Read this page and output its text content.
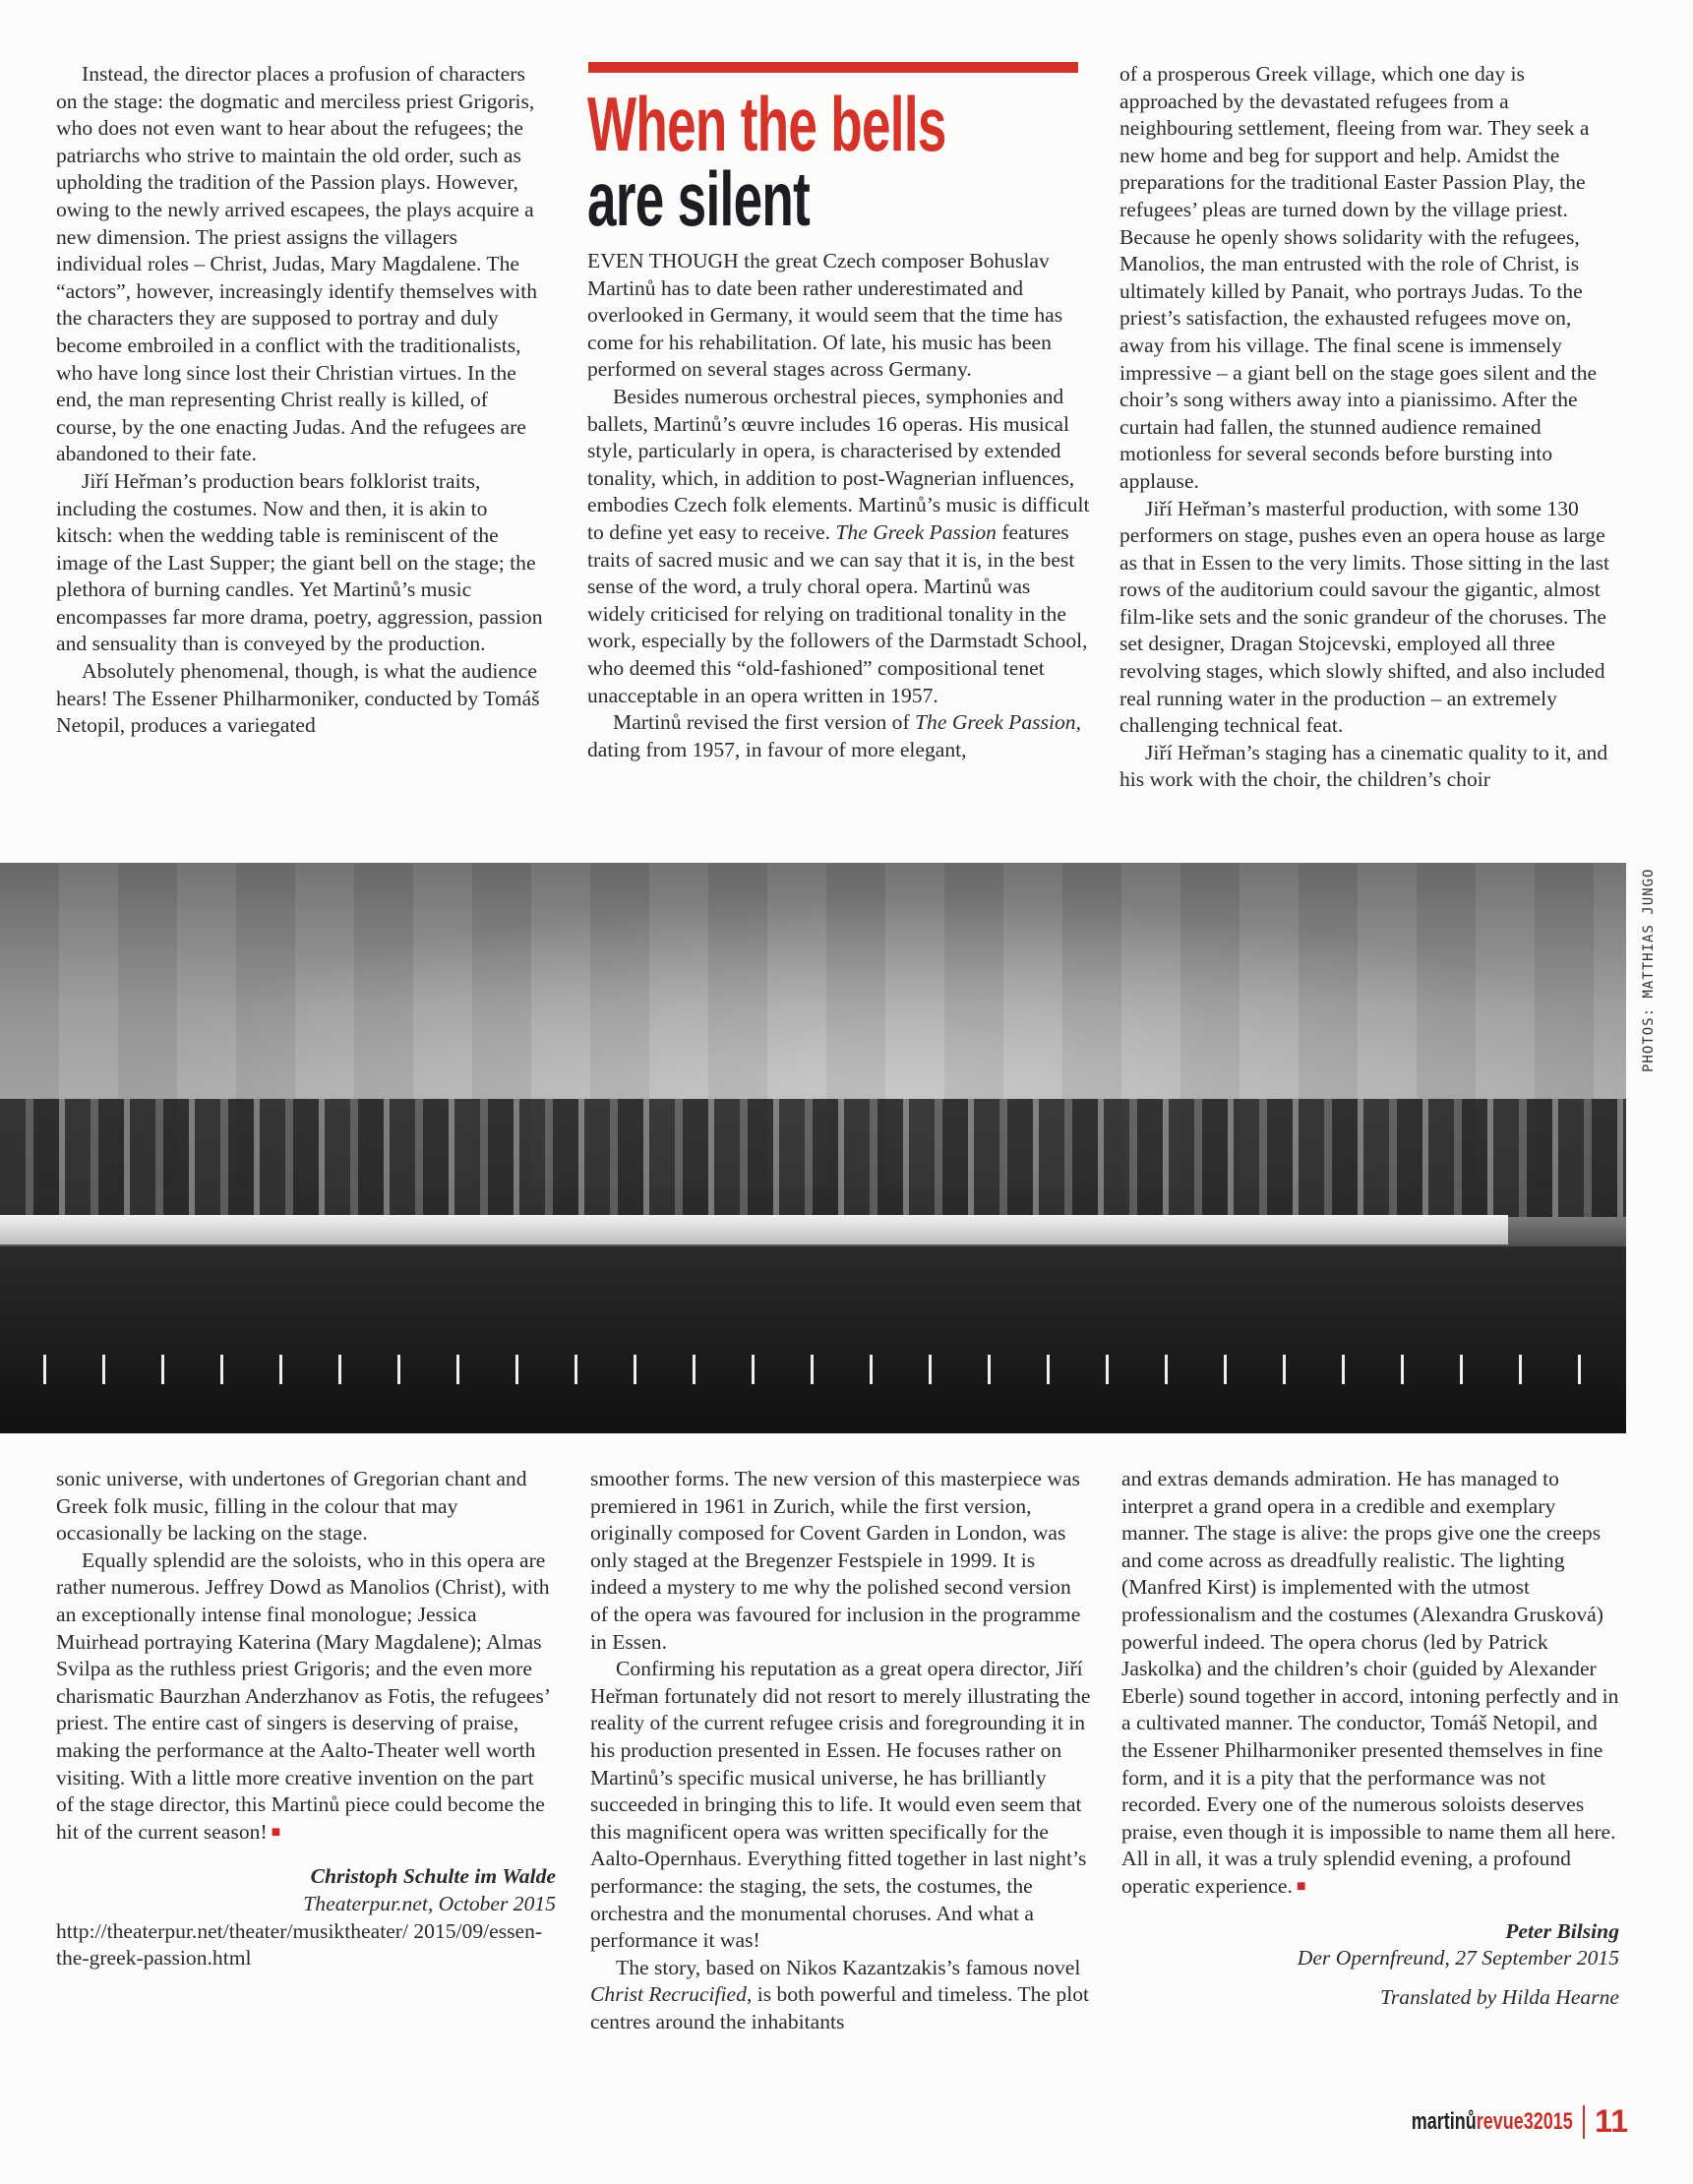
When the bells
are silent

Instead, the director places a profusion of characters on the stage: the dogmatic and merciless priest Grigoris, who does not even want to hear about the refugees; the patriarchs who strive to maintain the old order, such as upholding the tradition of the Passion plays. However, owing to the newly arrived escapees, the plays acquire a new dimension. The priest assigns the villagers individual roles – Christ, Judas, Mary Magdalene. The “actors”, however, increasingly identify themselves with the characters they are supposed to portray and duly become embroiled in a conflict with the traditionalists, who have long since lost their Christian virtues. In the end, the man representing Christ really is killed, of course, by the one enacting Judas. And the refugees are abandoned to their fate.

Jiří Heřman’s production bears folklorist traits, including the costumes. Now and then, it is akin to kitsch: when the wedding table is reminiscent of the image of the Last Supper; the giant bell on the stage; the plethora of burning candles. Yet Martinů’s music encompasses far more drama, poetry, aggression, passion and sensuality than is conveyed by the production.

Absolutely phenomenal, though, is what the audience hears! The Essener Philharmoniker, conducted by Tomáš Netopil, produces a variegated

EVEN THOUGH the great Czech composer Bohuslav Martinů has to date been rather underestimated and overlooked in Germany, it would seem that the time has come for his rehabilitation. Of late, his music has been performed on several stages across Germany.

Besides numerous orchestral pieces, symphonies and ballets, Martinů’s œuvre includes 16 operas. His musical style, particularly in opera, is characterised by extended tonality, which, in addition to post-Wagnerian influences, embodies Czech folk elements. Martinů’s music is difficult to define yet easy to receive. The Greek Passion features traits of sacred music and we can say that it is, in the best sense of the word, a truly choral opera. Martinů was widely criticised for relying on traditional tonality in the work, especially by the followers of the Darmstadt School, who deemed this “old-fashioned” compositional tenet unacceptable in an opera written in 1957.

Martinů revised the first version of The Greek Passion, dating from 1957, in favour of more elegant,

of a prosperous Greek village, which one day is approached by the devastated refugees from a neighbouring settlement, fleeing from war. They seek a new home and beg for support and help. Amidst the preparations for the traditional Easter Passion Play, the refugees’ pleas are turned down by the village priest. Because he openly shows solidarity with the refugees, Manolios, the man entrusted with the role of Christ, is ultimately killed by Panait, who portrays Judas. To the priest’s satisfaction, the exhausted refugees move on, away from his village. The final scene is immensely impressive – a giant bell on the stage goes silent and the choir’s song withers away into a pianissimo. After the curtain had fallen, the stunned audience remained motionless for several seconds before bursting into applause.

Jiří Heřman’s masterful production, with some 130 performers on stage, pushes even an opera house as large as that in Essen to the very limits. Those sitting in the last rows of the auditorium could savour the gigantic, almost film-like sets and the sonic grandeur of the choruses. The set designer, Dragan Stojcevski, employed all three revolving stages, which slowly shifted, and also included real running water in the production – an extremely challenging technical feat.

Jiří Heřman’s staging has a cinematic quality to it, and his work with the choir, the children’s choir

PHOTOS: MATTHIAS JUNGO

sonic universe, with undertones of Gregorian chant and Greek folk music, filling in the colour that may occasionally be lacking on the stage.

Equally splendid are the soloists, who in this opera are rather numerous. Jeffrey Dowd as Manolios (Christ), with an exceptionally intense final monologue; Jessica Muirhead portraying Katerina (Mary Magdalene); Almas Svilpa as the ruthless priest Grigoris; and the even more charismatic Baurzhan Anderzhanov as Fotis, the refugees’ priest. The entire cast of singers is deserving of praise, making the performance at the Aalto-Theater well worth visiting. With a little more creative invention on the part of the stage director, this Martinů piece could become the hit of the current season! ■

Christoph Schulte im Walde
Theaterpur.net, October 2015

http://theaterpur.net/theater/musiktheater/ 2015/09/essen-the-greek-passion.html

smoother forms. The new version of this masterpiece was premiered in 1961 in Zurich, while the first version, originally composed for Covent Garden in London, was only staged at the Bregenzer Festspiele in 1999. It is indeed a mystery to me why the polished second version of the opera was favoured for inclusion in the programme in Essen.

Confirming his reputation as a great opera director, Jiří Heřman fortunately did not resort to merely illustrating the reality of the current refugee crisis and foregrounding it in his production presented in Essen. He focuses rather on Martinů’s specific musical universe, he has brilliantly succeeded in bringing this to life. It would even seem that this magnificent opera was written specifically for the Aalto-Opernhaus. Everything fitted together in last night’s performance: the staging, the sets, the costumes, the orchestra and the monumental choruses. And what a performance it was!

The story, based on Nikos Kazantzakis’s famous novel Christ Recrucified, is both powerful and timeless. The plot centres around the inhabitants

and extras demands admiration. He has managed to interpret a grand opera in a credible and exemplary manner. The stage is alive: the props give one the creeps and come across as dreadfully realistic. The lighting (Manfred Kirst) is implemented with the utmost professionalism and the costumes (Alexandra Grusková) powerful indeed. The opera chorus (led by Patrick Jaskolka) and the children’s choir (guided by Alexander Eberle) sound together in accord, intoning perfectly and in a cultivated manner. The conductor, Tomáš Netopil, and the Essener Philharmoniker presented themselves in fine form, and it is a pity that the performance was not recorded. Every one of the numerous soloists deserves praise, even though it is impossible to name them all here. All in all, it was a truly splendid evening, a profound operatic experience. ■

Peter Bilsing
Der Opernfreund, 27 September 2015
Translated by Hilda Hearne
martinůrevue32015 11
